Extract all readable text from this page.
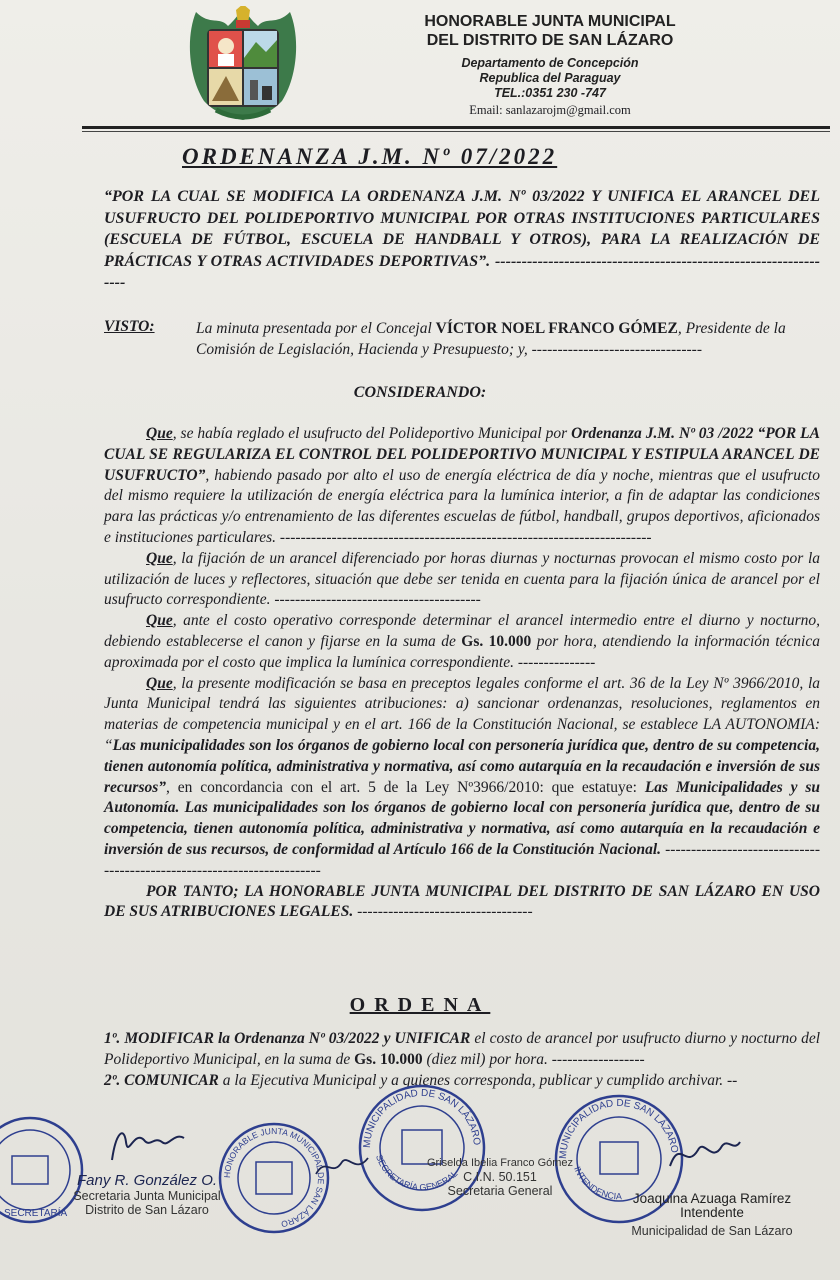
HONORABLE JUNTA MUNICIPAL
DEL DISTRITO DE SAN LÁZARO
Departamento de Concepción
Republica del Paraguay
TEL.:0351 230 -747
Email: sanlazarojm@gmail.com
ORDENANZA J.M. Nº 07/2022
“POR LA CUAL SE MODIFICA LA ORDENANZA J.M. Nº 03/2022 Y UNIFICA EL ARANCEL DEL USUFRUCTO DEL POLIDEPORTIVO MUNICIPAL POR OTRAS INSTITUCIONES PARTICULARES (ESCUELA DE FÚTBOL, ESCUELA DE HANDBALL Y OTROS), PARA LA REALIZACIÓN DE PRÁCTICAS Y OTRAS ACTIVIDADES DEPORTIVAS”. -----------------------------------------------------------------
VISTO:	La minuta presentada por el Concejal VÍCTOR NOEL FRANCO GÓMEZ, Presidente de la Comisión de Legislación, Hacienda y Presupuesto; y, ---------------------------------
CONSIDERANDO:

Que, se había reglado el usufructo del Polideportivo Municipal por Ordenanza J.M. Nº 03 /2022 “POR LA CUAL SE REGULARIZA EL CONTROL DEL POLIDEPORTIVO MUNICIPAL Y ESTIPULA ARANCEL DE USUFRUCTO”, habiendo pasado por alto el uso de energía eléctrica de día y noche, mientras que el usufructo del mismo requiere la utilización de energía eléctrica para la lumínica interior, a fin de adaptar las condiciones para las prácticas y/o entrenamiento de las diferentes escuelas de fútbol, handball, grupos deportivos, aficionados e instituciones particulares. ------------------------------------------------------------------------

Que, la fijación de un arancel diferenciado por horas diurnas y nocturnas provocan el mismo costo por la utilización de luces y reflectores, situación que debe ser tenida en cuenta para la fijación única de arancel por el usufructo correspondiente. ----------------------------------------

Que, ante el costo operativo corresponde determinar el arancel intermedio entre el diurno y nocturno, debiendo establecerse el canon y fijarse en la suma de Gs. 10.000 por hora, atendiendo la información técnica aproximada por el costo que implica la lumínica correspondiente. ---------------

Que, la presente modificación se basa en preceptos legales conforme el art. 36 de la Ley Nº 3966/2010, la Junta Municipal tendrá las siguientes atribuciones: a) sancionar ordenanzas, resoluciones, reglamentos en materias de competencia municipal y en el art. 166 de la Constitución Nacional, se establece LA AUTONOMIA: “Las municipalidades son los órganos de gobierno local con personería jurídica que, dentro de su competencia, tienen autonomía política, administrativa y normativa, así como autarquía en la recaudación e inversión de sus recursos”, en concordancia con el art. 5 de la Ley Nº3966/2010: que estatuye: Las Municipalidades y su Autonomía. Las municipalidades son los órganos de gobierno local con personería jurídica que, dentro de su competencia, tienen autonomía política, administrativa y normativa, así como autarquía en la recaudación e inversión de sus recursos, de conformidad al Artículo 166 de la Constitución Nacional. ------------------------------------------------------------------------

POR TANTO; LA HONORABLE JUNTA MUNICIPAL DEL DISTRITO DE SAN LÁZARO EN USO DE SUS ATRIBUCIONES LEGALES. ----------------------------------

ORDENA
1º. MODIFICAR la Ordenanza Nº 03/2022 y UNIFICAR el costo de arancel por usufructo diurno y nocturno del Polideportivo Municipal, en la suma de Gs. 10.000 (diez mil) por hora. ------------------
2º. COMUNICAR a la Ejecutiva Municipal y a quienes corresponda, publicar y cumplido archivar. --
SECRETARÍA
HONORABLE JUNTA MUNICIPAL DE SAN LÁZARO
MUNICIPALIDAD DE SAN LÁZARO
SECRETARÍA GENERAL
MUNICIPALIDAD DE SAN LÁZARO
INTENDENCIA
Fany R. González O.
Secretaria Junta Municipal
Distrito de San Lázaro
Griselda Ibelia Franco Gómez
C.I.N. 50.151
Secretaria General	Joaquina Azuaga Ramírez
Intendente
Municipalidad de San Lázaro
